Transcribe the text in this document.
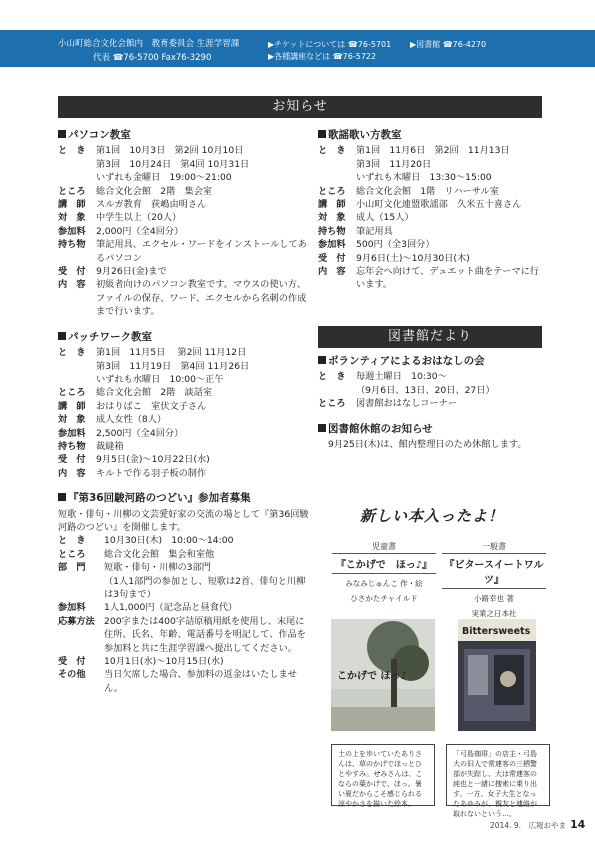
小山町総合文化会館内　教育委員会 生涯学習課
代表 ☎76-5700 Fax76-3290
▶チケットについては ☎76-5701
▶各種講座などは ☎76-5722
▶図書館 ☎76-4270
お知らせ
パソコン教室
と　き	第1回　10月3日　第2回 10月10日
第3回　10月24日　第4回 10月31日
いずれも金曜日　19:00～21:00
ところ	総合文化会館　2階　集会室
講　師	スルガ教育　荻嶋由明さん
対　象	中学生以上（20人）
参加料	2,000円（全4回分）
持ち物	筆記用具、エクセル・ワードをインストールしてあるパソコン
受　付	9月26日(金)まで
内　容	初級者向けのパソコン教室です。マウスの使い方、ファイルの保存、ワード、エクセルから名刺の作成まで行います。
パッチワーク教室
と　き	第1回　11月5日　 第2回 11月12日
第3回　11月19日　第4回 11月26日
いずれも水曜日　10:00～正午
ところ	総合文化会館　2階　談話室
講　師	おはりばこ　室伏文子さん
対　象	成人女性（8人）
参加料	2,500円（全4回分）
持ち物	裁縫箱
受　付	9月5日(金)～10月22日(水)
内　容	キルトで作る羽子板の制作
『第36回駿河路のつどい』参加者募集
短歌・俳句・川柳の文芸愛好家の交流の場として『第36回駿河路のつどい』を開催します。
と　き	10月30日(木)　10:00～14:00
ところ	総合文化会館　集会和室他
部　門	短歌・俳句・川柳の3部門
（1人1部門の参加とし、短歌は2首、俳句と川柳は3句まで）
参加料	1人1,000円（記念品と昼食代）
応募方法	200字または400字詰原稿用紙を使用し、末尾に住所、氏名、年齢、電話番号を明記して、作品を参加料と共に生涯学習課へ提出してください。
受　付	10月1日(水)～10月15日(水)
その他	当日欠席した場合、参加料の返金はいたしません。
歌謡歌い方教室
と　き	第1回　11月6日　第2回　11月13日
第3回　11月20日
いずれも木曜日　13:30～15:00
ところ	総合文化会館　1階　リハーサル室
講　師	小山町文化連盟歌謡部　久米五十喜さん
対　象	成人（15人）
持ち物	筆記用具
参加料	500円（全3回分）
受　付	9月6日(土)～10月30日(木)
内　容	忘年会へ向けて、デュエット曲をテーマに行います。
図書館だより
ボランティアによるおはなしの会
と　き	毎週土曜日　10:30～
（9月6日、13日、20日、27日）
ところ	図書館おはなしコーナー
図書館休館のお知らせ
9月25日(木)は、館内整理日のため休館します。
新しい本入ったよ！
児童書
『こかげで　ほっ♪』
みなみじゅんこ 作・絵
ひさかたチャイルド
一般書
『ビタースイートワルツ』
小路幸也 著
実業之日本社
こかげで ほっ♪
Bittersweets
土の上を歩いていたありさんは、草のかげでほっとひとやすみ。せみさんは、こならの葉かげで、ほっ。暑い夏だからこそ感じられる涼やかさを描いた絵本。
「弓島珈琲」の店主・弓島大の旧人で常連客の三栖警部が失踪し、大は常連客の純也と一緒に捜索に乗り出す。一方、女子大生となったあゆみが、親友と連絡が取れないという…。
2014. 9.　広報おやま 14
